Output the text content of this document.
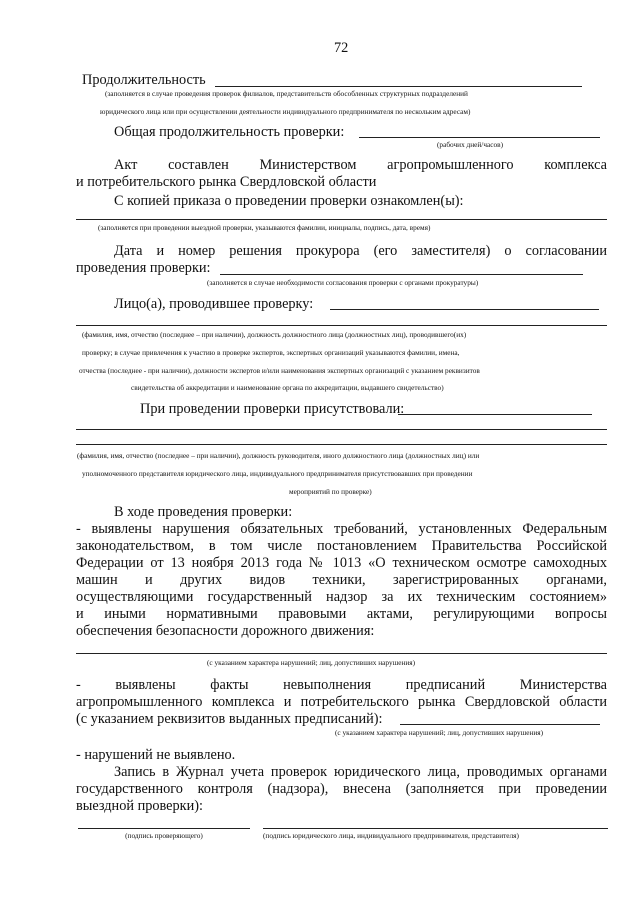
72
Продолжительность
(заполняется в случае проведения проверок филиалов, представительств обособленных структурных подразделений
юридического лица или при осуществлении деятельности индивидуального предпринимателя по нескольким адресам)
Общая продолжительность проверки:
(рабочих дней/часов)
Акт составлен Министерством агропромышленного комплекса
и потребительского рынка Свердловской области
С копией приказа о проведении проверки ознакомлен(ы):
(заполняется при проведении выездной проверки, указываются фамилии, инициалы, подпись, дата, время)
Дата и номер решения прокурора (его заместителя) о согласовании
проведения проверки:
(заполняется в случае необходимости согласования проверки с органами прокуратуры)
Лицо(а), проводившее проверку:
(фамилия, имя, отчество (последнее – при наличии), должность должностного лица (должностных лиц), проводившего(их)
проверку; в случае привлечения к участию в проверке экспертов, экспертных организаций указываются фамилии, имена,
отчества (последнее - при наличии), должности экспертов и/или наименования экспертных организаций с указанием реквизитов
свидетельства об аккредитации и наименование органа по аккредитации, выдавшего свидетельство)
При проведении проверки присутствовали:
(фамилия, имя, отчество (последнее – при наличии), должность руководителя, иного должностного лица (должностных лиц) или
уполномоченного представителя юридического лица, индивидуального предпринимателя присутствовавших при проведении
мероприятий по проверке)
В ходе проведения проверки:
- выявлены нарушения обязательных требований, установленных Федеральным
законодательством, в том числе постановлением Правительства Российской
Федерации от 13 ноября 2013 года № 1013 «О техническом осмотре самоходных
машин и других видов техники, зарегистрированных органами,
осуществляющими государственный надзор за их техническим состоянием»
и иными нормативными правовыми актами, регулирующими вопросы
обеспечения безопасности дорожного движения:
(с указанием характера нарушений; лиц, допустивших нарушения)
- выявлены факты невыполнения предписаний Министерства
агропромышленного комплекса и потребительского рынка Свердловской области
(с указанием реквизитов выданных предписаний):
(с указанием характера нарушений; лиц, допустивших нарушения)
- нарушений не выявлено.
Запись в Журнал учета проверок юридического лица, проводимых органами
государственного контроля (надзора), внесена (заполняется при проведении
выездной проверки):
(подпись проверяющего)	(подпись юридического лица, индивидуального предпринимателя, представителя)
